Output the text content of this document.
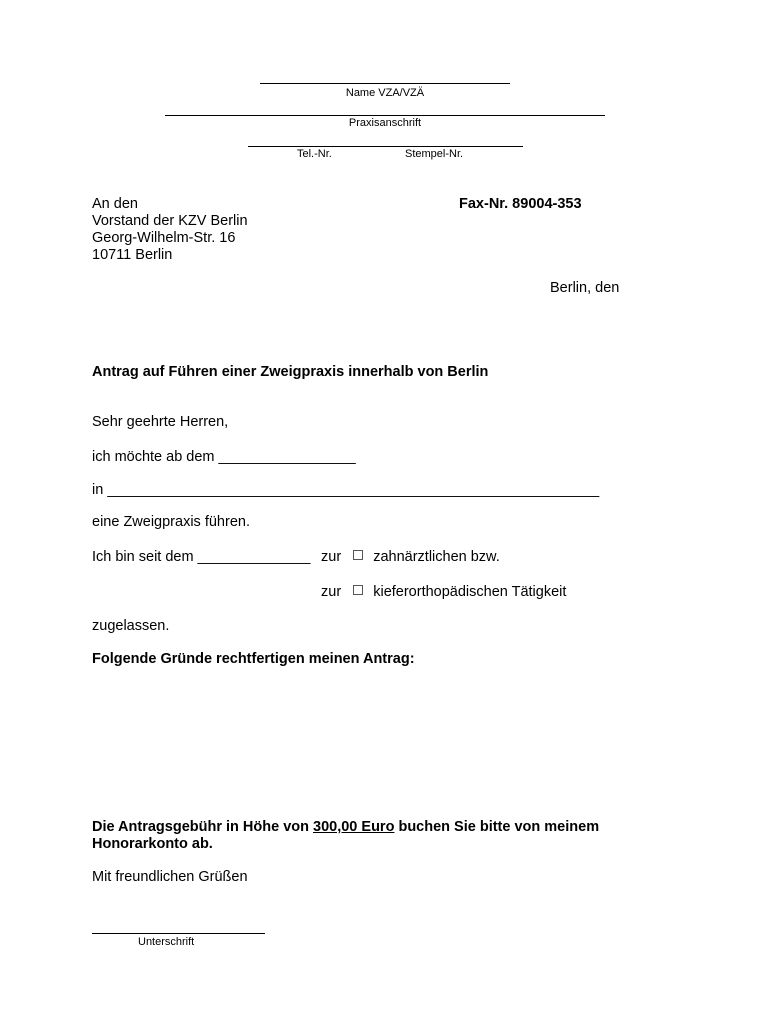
Name VZA/VZÄ
Praxisanschrift
Tel.-Nr.	Stempel-Nr.
An den
Vorstand der KZV Berlin
Georg-Wilhelm-Str. 16
10711 Berlin
Fax-Nr. 89004-353
Berlin, den
Antrag auf Führen einer Zweigpraxis innerhalb von Berlin
Sehr geehrte Herren,
ich möchte ab dem _________________
in _____________________________________________________________
eine Zweigpraxis führen.
Ich bin seit dem ______________ zur zahnärztlichen bzw.
zur kieferorthopädischen Tätigkeit
zugelassen.
Folgende Gründe rechtfertigen meinen Antrag:
Die Antragsgebühr in Höhe von 300,00 Euro buchen Sie bitte von meinem
Honorarkonto ab.
Mit freundlichen Grüßen
Unterschrift
